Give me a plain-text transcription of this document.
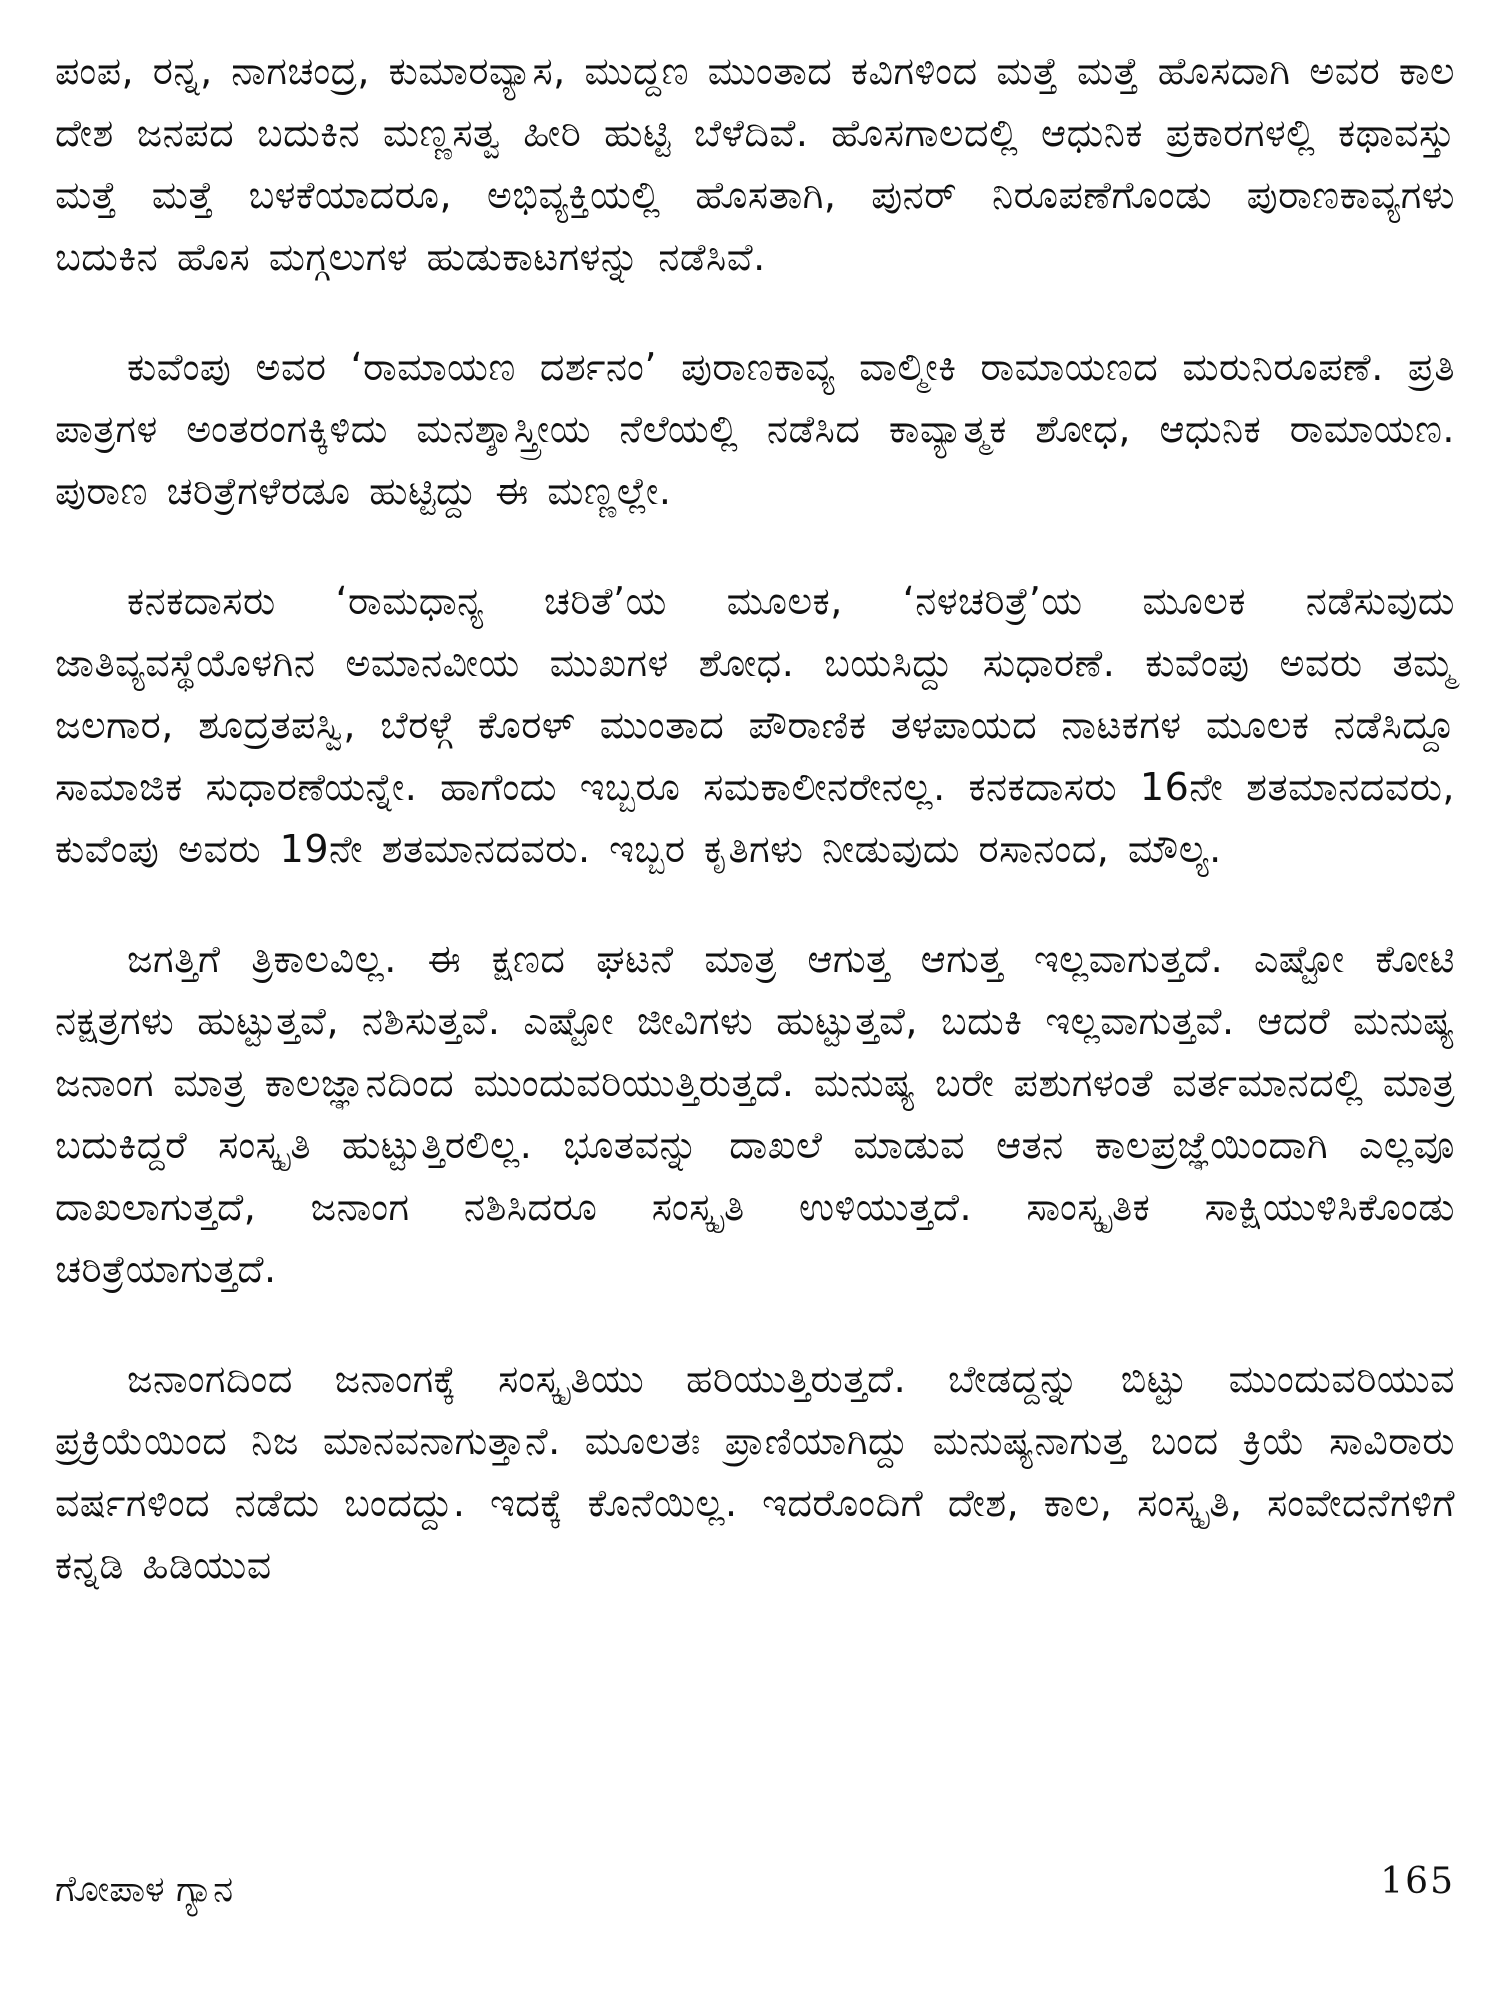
ಪಂಪ, ರನ್ನ, ನಾಗಚಂದ್ರ, ಕುಮಾರವ್ಯಾಸ, ಮುದ್ದಣ ಮುಂತಾದ ಕವಿಗಳಿಂದ ಮತ್ತೆ ಮತ್ತೆ ಹೊಸದಾಗಿ ಅವರ ಕಾಲ ದೇಶ ಜನಪದ ಬದುಕಿನ ಮಣ್ಣಸತ್ವ ಹೀರಿ ಹುಟ್ಟಿ ಬೆಳೆದಿವೆ. ಹೊಸಗಾಲದಲ್ಲಿ ಆಧುನಿಕ ಪ್ರಕಾರಗಳಲ್ಲಿ ಕಥಾವಸ್ತು ಮತ್ತೆ ಮತ್ತೆ ಬಳಕೆಯಾದರೂ, ಅಭಿವ್ಯಕ್ತಿಯಲ್ಲಿ ಹೊಸತಾಗಿ, ಪುನರ್ ನಿರೂಪಣೆಗೊಂಡು ಪುರಾಣಕಾವ್ಯಗಳು ಬದುಕಿನ ಹೊಸ ಮಗ್ಗಲುಗಳ ಹುಡುಕಾಟಗಳನ್ನು ನಡೆಸಿವೆ.

ಕುವೆಂಪು ಅವರ ‘ರಾಮಾಯಣ ದರ್ಶನಂ’ ಪುರಾಣಕಾವ್ಯ ವಾಲ್ಮೀಕಿ ರಾಮಾಯಣದ ಮರುನಿರೂಪಣೆ. ಪ್ರತಿ ಪಾತ್ರಗಳ ಅಂತರಂಗಕ್ಕಿಳಿದು ಮನಶ್ಶಾಸ್ತ್ರೀಯ ನೆಲೆಯಲ್ಲಿ ನಡೆಸಿದ ಕಾವ್ಯಾತ್ಮಕ ಶೋಧ, ಆಧುನಿಕ ರಾಮಾಯಣ. ಪುರಾಣ ಚರಿತ್ರೆಗಳೆರಡೂ ಹುಟ್ಟಿದ್ದು ಈ ಮಣ್ಣಲ್ಲೇ.

ಕನಕದಾಸರು ‘ರಾಮಧಾನ್ಯ ಚರಿತೆ’ಯ ಮೂಲಕ, ‘ನಳಚರಿತ್ರೆ’ಯ ಮೂಲಕ ನಡೆಸುವುದು ಜಾತಿವ್ಯವಸ್ಥೆಯೊಳಗಿನ ಅಮಾನವೀಯ ಮುಖಗಳ ಶೋಧ. ಬಯಸಿದ್ದು ಸುಧಾರಣೆ. ಕುವೆಂಪು ಅವರು ತಮ್ಮ ಜಲಗಾರ, ಶೂದ್ರತಪಸ್ವಿ, ಬೆರಳ್ಗೆ ಕೊರಳ್ ಮುಂತಾದ ಪೌರಾಣಿಕ ತಳಪಾಯದ ನಾಟಕಗಳ ಮೂಲಕ ನಡೆಸಿದ್ದೂ ಸಾಮಾಜಿಕ ಸುಧಾರಣೆಯನ್ನೇ. ಹಾಗೆಂದು ಇಬ್ಬರೂ ಸಮಕಾಲೀನರೇನಲ್ಲ. ಕನಕದಾಸರು 16ನೇ ಶತಮಾನದವರು, ಕುವೆಂಪು ಅವರು 19ನೇ ಶತಮಾನದವರು. ಇಬ್ಬರ ಕೃತಿಗಳು ನೀಡುವುದು ರಸಾನಂದ, ಮೌಲ್ಯ.

ಜಗತ್ತಿಗೆ ತ್ರಿಕಾಲವಿಲ್ಲ. ಈ ಕ್ಷಣದ ಘಟನೆ ಮಾತ್ರ ಆಗುತ್ತ ಆಗುತ್ತ ಇಲ್ಲವಾಗುತ್ತದೆ. ಎಷ್ಟೋ ಕೋಟಿ ನಕ್ಷತ್ರಗಳು ಹುಟ್ಟುತ್ತವೆ, ನಶಿಸುತ್ತವೆ. ಎಷ್ಟೋ ಜೀವಿಗಳು ಹುಟ್ಟುತ್ತವೆ, ಬದುಕಿ ಇಲ್ಲವಾಗುತ್ತವೆ. ಆದರೆ ಮನುಷ್ಯ ಜನಾಂಗ ಮಾತ್ರ ಕಾಲಜ್ಞಾನದಿಂದ ಮುಂದುವರಿಯುತ್ತಿರುತ್ತದೆ. ಮನುಷ್ಯ ಬರೇ ಪಶುಗಳಂತೆ ವರ್ತಮಾನದಲ್ಲಿ ಮಾತ್ರ ಬದುಕಿದ್ದರೆ ಸಂಸ್ಕೃತಿ ಹುಟ್ಟುತ್ತಿರಲಿಲ್ಲ. ಭೂತವನ್ನು ದಾಖಲೆ ಮಾಡುವ ಆತನ ಕಾಲಪ್ರಜ್ಞೆಯಿಂದಾಗಿ ಎಲ್ಲವೂ ದಾಖಲಾಗುತ್ತದೆ, ಜನಾಂಗ ನಶಿಸಿದರೂ ಸಂಸ್ಕೃತಿ ಉಳಿಯುತ್ತದೆ. ಸಾಂಸ್ಕೃತಿಕ ಸಾಕ್ಷಿಯುಳಿಸಿಕೊಂಡು ಚರಿತ್ರೆಯಾಗುತ್ತದೆ.

ಜನಾಂಗದಿಂದ ಜನಾಂಗಕ್ಕೆ ಸಂಸ್ಕೃತಿಯು ಹರಿಯುತ್ತಿರುತ್ತದೆ. ಬೇಡದ್ದನ್ನು ಬಿಟ್ಟು ಮುಂದುವರಿಯುವ ಪ್ರಕ್ರಿಯೆಯಿಂದ ನಿಜ ಮಾನವನಾಗುತ್ತಾನೆ. ಮೂಲತಃ ಪ್ರಾಣಿಯಾಗಿದ್ದು ಮನುಷ್ಯನಾಗುತ್ತ ಬಂದ ಕ್ರಿಯೆ ಸಾವಿರಾರು ವರ್ಷಗಳಿಂದ ನಡೆದು ಬಂದದ್ದು. ಇದಕ್ಕೆ ಕೊನೆಯಿಲ್ಲ. ಇದರೊಂದಿಗೆ ದೇಶ, ಕಾಲ, ಸಂಸ್ಕೃತಿ, ಸಂವೇದನೆಗಳಿಗೆ ಕನ್ನಡಿ ಹಿಡಿಯುವ

ಗೋಪಾಳ ಗ್ಯಾನ	165
